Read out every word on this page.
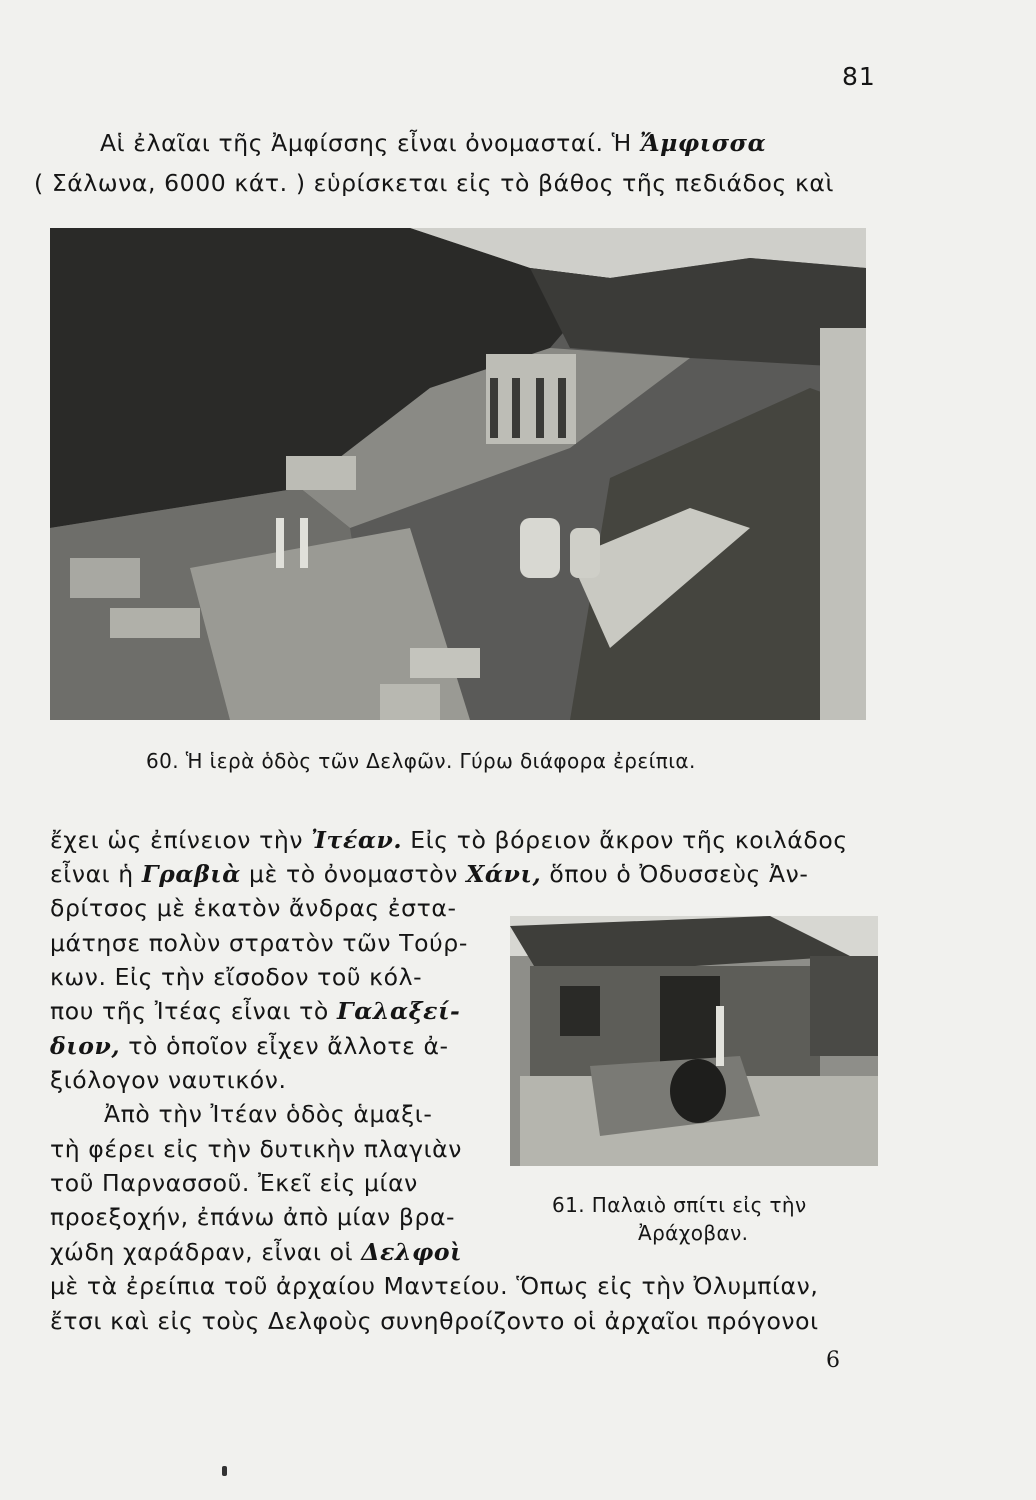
81
Αἱ ἐλαῖαι τῆς Ἀμφίσσης εἶναι ὀνομασταί. Ἡ Ἄμφισσα
( Σάλωνα, 6000 κάτ. ) εὑρίσκεται εἰς τὸ βάθος τῆς πεδιάδος καὶ
60. Ἡ ἱερὰ ὁδὸς τῶν Δελφῶν. Γύρω διάφορα ἐρείπια.
ἔχει ὡς ἐπίνειον τὴν Ἰτέαν. Εἰς τὸ βόρειον ἄκρον τῆς κοιλάδος
εἶναι ἡ Γραβιὰ μὲ τὸ ὀνομαστὸν Χάνι, ὅπου ὁ Ὀδυσσεὺς Ἀν-
δρίτσος μὲ ἑκατὸν ἄνδρας ἐστα-
μάτησε πολὺν στρατὸν τῶν Τούρ-
κων. Εἰς τὴν εἴσοδον τοῦ κόλ-
που τῆς Ἰτέας εἶναι τὸ Γαλαξεί-
διον, τὸ ὁποῖον εἶχεν ἄλλοτε ἀ-
ξιόλογον ναυτικόν.
Ἀπὸ τὴν Ἰτέαν ὁδὸς ἁμαξι-
τὴ φέρει εἰς τὴν δυτικὴν πλαγιὰν
τοῦ Παρνασσοῦ. Ἐκεῖ εἰς μίαν
προεξοχήν, ἐπάνω ἀπὸ μίαν βρα-
χώδη χαράδραν, εἶναι οἱ Δελφοὶ
μὲ τὰ ἐρείπια τοῦ ἀρχαίου Μαντείου. Ὅπως εἰς τὴν Ὀλυμπίαν,
ἔτσι καὶ εἰς τοὺς Δελφοὺς συνηθροίζοντο οἱ ἀρχαῖοι πρόγονοι
61. Παλαιὸ σπίτι εἰς τὴν
Ἀράχοβαν.
6
